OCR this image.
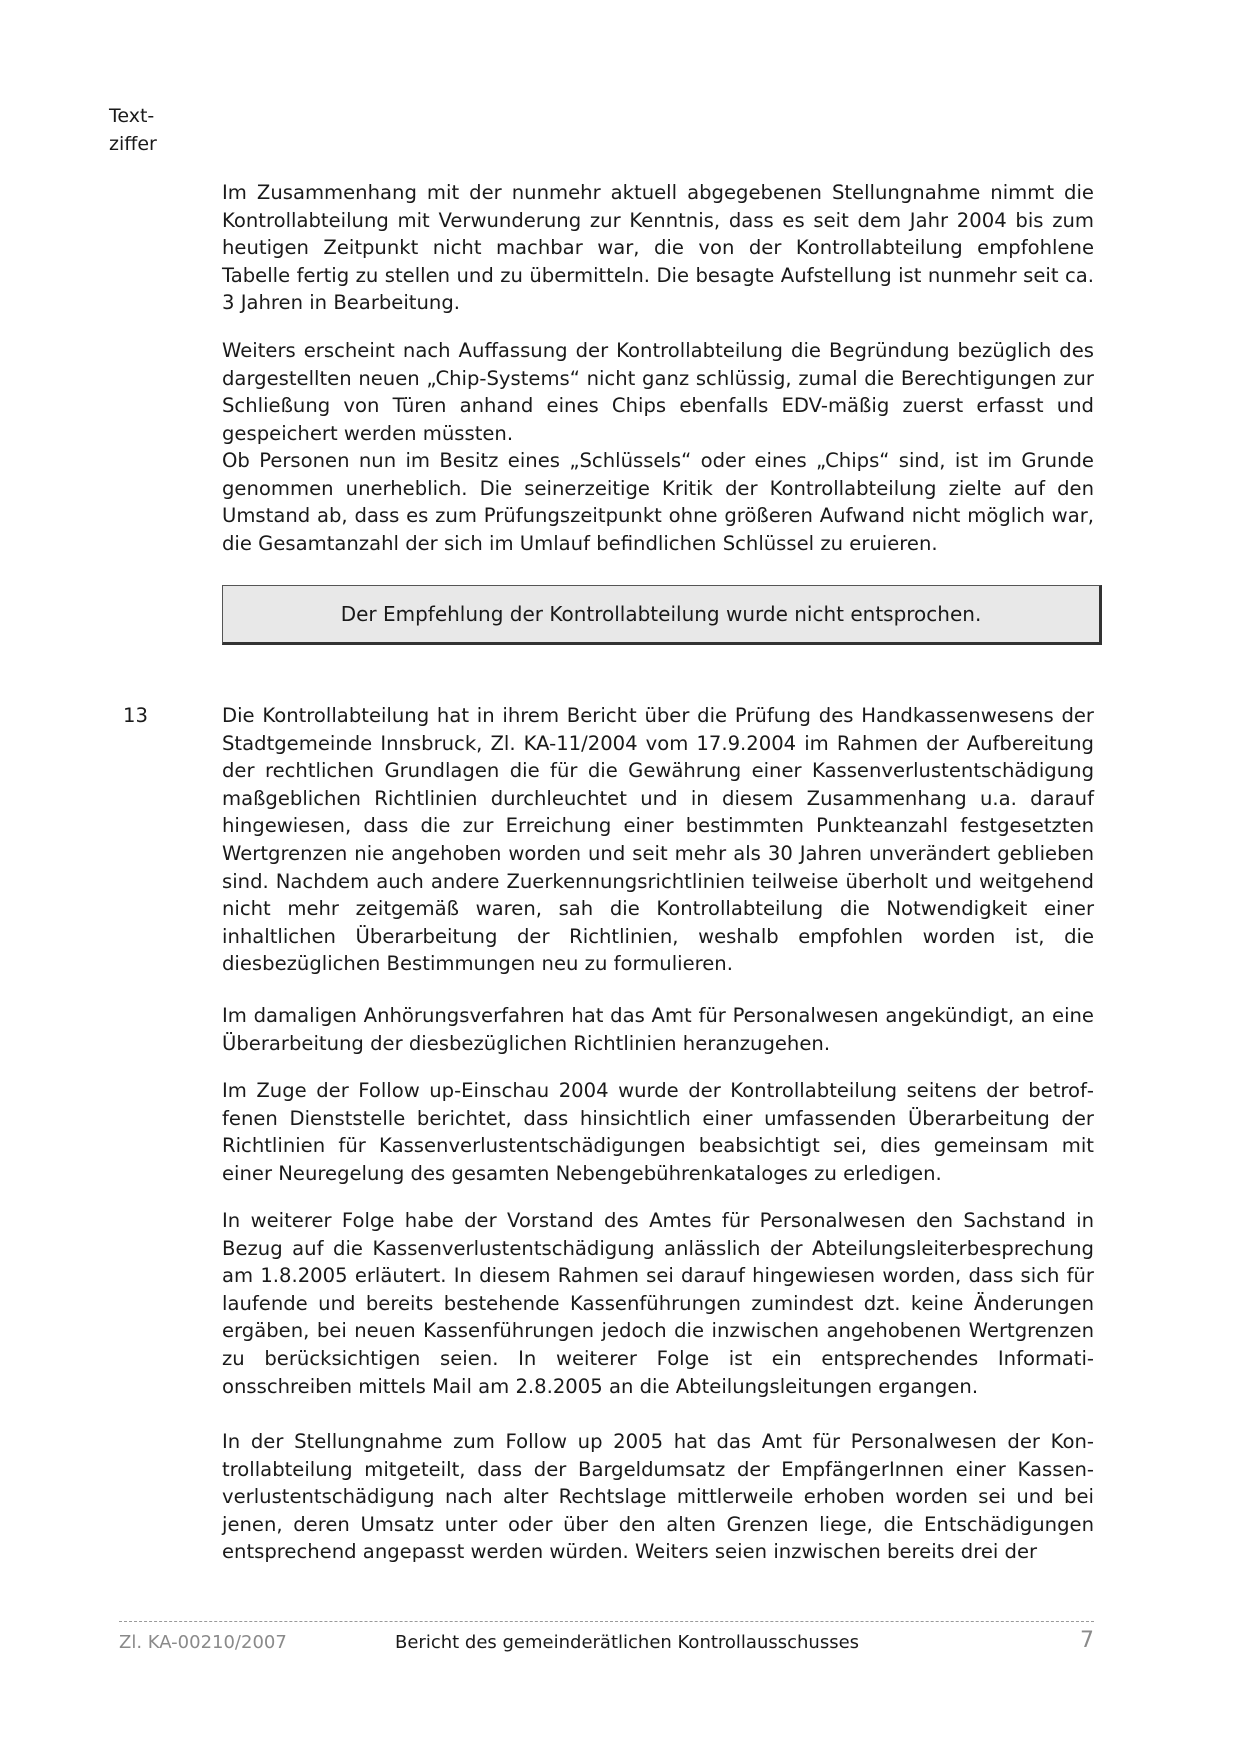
Text-
ziffer

Im Zusammenhang mit der nunmehr aktuell abgegebenen Stellungnahme nimmt die Kontrollabteilung mit Verwunderung zur Kenntnis, dass es seit dem Jahr 2004 bis zum heutigen Zeitpunkt nicht machbar war, die von der Kontrollabteilung empfohlene Tabelle fertig zu stellen und zu übermitteln. Die besagte Aufstellung ist nunmehr seit ca. 3 Jahren in Bearbeitung.

Weiters erscheint nach Auffassung der Kontrollabteilung die Begründung bezüglich des dargestellten neuen „Chip-Systems“ nicht ganz schlüssig, zumal die Berechtigungen zur Schließung von Türen anhand eines Chips ebenfalls EDV-mäßig zuerst erfasst und gespeichert werden müssten.

Ob Personen nun im Besitz eines „Schlüssels“ oder eines „Chips“ sind, ist im Grunde genommen unerheblich. Die seinerzeitige Kritik der Kontrollabteilung zielte auf den Umstand ab, dass es zum Prüfungszeitpunkt ohne größeren Aufwand nicht möglich war, die Gesamtanzahl der sich im Umlauf befindlichen Schlüssel zu eruieren.

Der Empfehlung der Kontrollabteilung wurde nicht entsprochen.
13	Die Kontrollabteilung hat in ihrem Bericht über die Prüfung des Handkassenwesens der Stadtgemeinde Innsbruck, Zl. KA-11/2004 vom 17.9.2004 im Rahmen der Aufbereitung der rechtlichen Grundlagen die für die Gewährung einer Kassenverlustentschädigung maßgeblichen Richtlinien durchleuchtet und in diesem Zusammenhang u.a. darauf hingewiesen, dass die zur Erreichung einer bestimmten Punkteanzahl festgesetzten Wertgrenzen nie angehoben worden und seit mehr als 30 Jahren unverändert geblieben sind. Nachdem auch andere Zuerkennungsrichtlinien teilweise überholt und weitgehend nicht mehr zeitgemäß waren, sah die Kontrollabteilung die Notwendigkeit einer inhaltlichen Überarbeitung der Richtlinien, weshalb empfohlen worden ist, die diesbezüglichen Bestimmungen neu zu formulieren.

Im damaligen Anhörungsverfahren hat das Amt für Personalwesen angekündigt, an eine Überarbeitung der diesbezüglichen Richtlinien heranzugehen.

Im Zuge der Follow up-Einschau 2004 wurde der Kontrollabteilung seitens der betroffenen Dienststelle berichtet, dass hinsichtlich einer umfassenden Überarbeitung der Richtlinien für Kassenverlustentschädigungen beabsichtigt sei, dies gemeinsam mit einer Neuregelung des gesamten Nebengebührenkataloges zu erledigen.

In weiterer Folge habe der Vorstand des Amtes für Personalwesen den Sachstand in Bezug auf die Kassenverlustentschädigung anlässlich der Abteilungsleiterbesprechung am 1.8.2005 erläutert. In diesem Rahmen sei darauf hingewiesen worden, dass sich für laufende und bereits bestehende Kassenführungen zumindest dzt. keine Änderungen ergäben, bei neuen Kassenführungen jedoch die inzwischen angehobenen Wertgrenzen zu berücksichtigen seien. In weiterer Folge ist ein entsprechendes Informationsschreiben mittels Mail am 2.8.2005 an die Abteilungsleitungen ergangen.

In der Stellungnahme zum Follow up 2005 hat das Amt für Personalwesen der Kontrollabteilung mitgeteilt, dass der Bargeldumsatz der EmpfängerInnen einer Kassenverlustentschädigung nach alter Rechtslage mittlerweile erhoben worden sei und bei jenen, deren Umsatz unter oder über den alten Grenzen liege, die Entschädigungen entsprechend angepasst werden würden. Weiters seien inzwischen bereits drei der

Zl. KA-00210/2007	Bericht des gemeinderätlichen Kontrollausschusses	7
